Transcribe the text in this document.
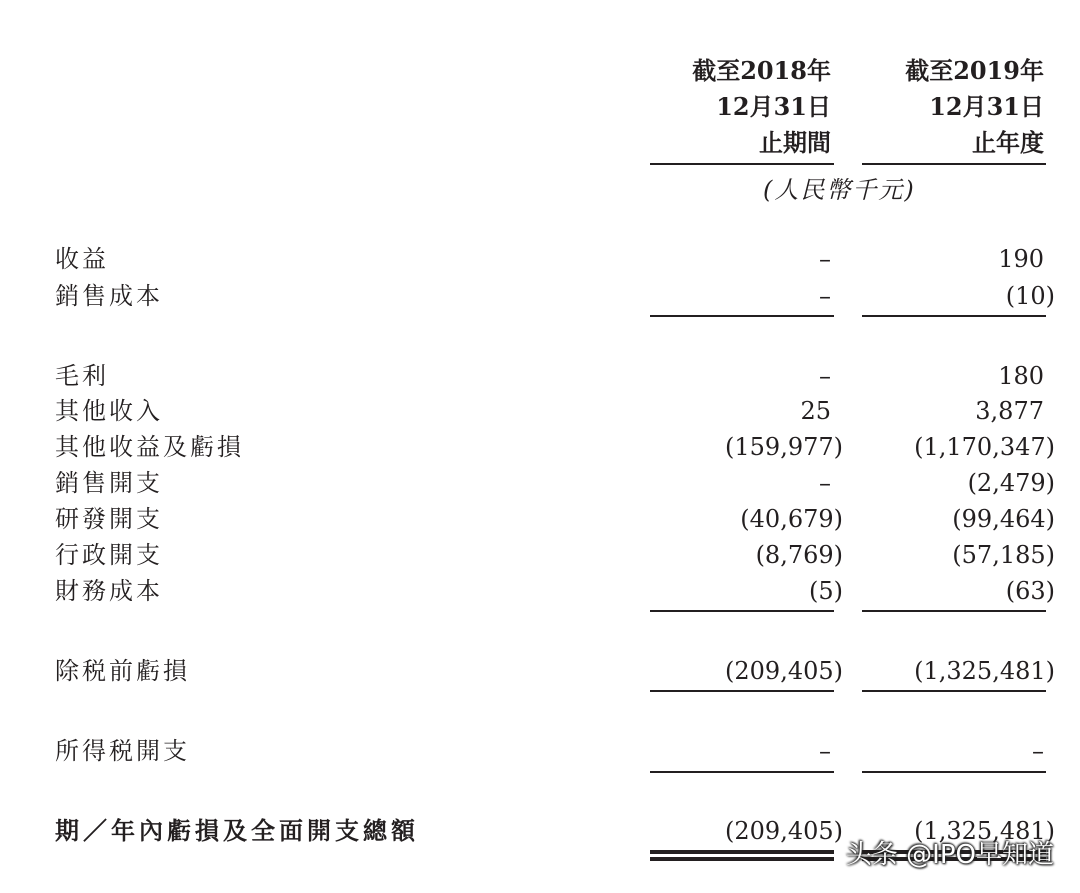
截至2018年
12月31日
止期間
截至2019年
12月31日
止年度
(人民幣千元)
收益	–	190
銷售成本	–	(10)
毛利	–	180
其他收入	25	3,877
其他收益及虧損	(159,977)	(1,170,347)
銷售開支	–	(2,479)
研發開支	(40,679)	(99,464)
行政開支	(8,769)	(57,185)
財務成本	(5)	(63)
除税前虧損	(209,405)	(1,325,481)
所得税開支	–	–
期／年內虧損及全面開支總額	(209,405)	(1,325,481)
头条 @IPO早知道
